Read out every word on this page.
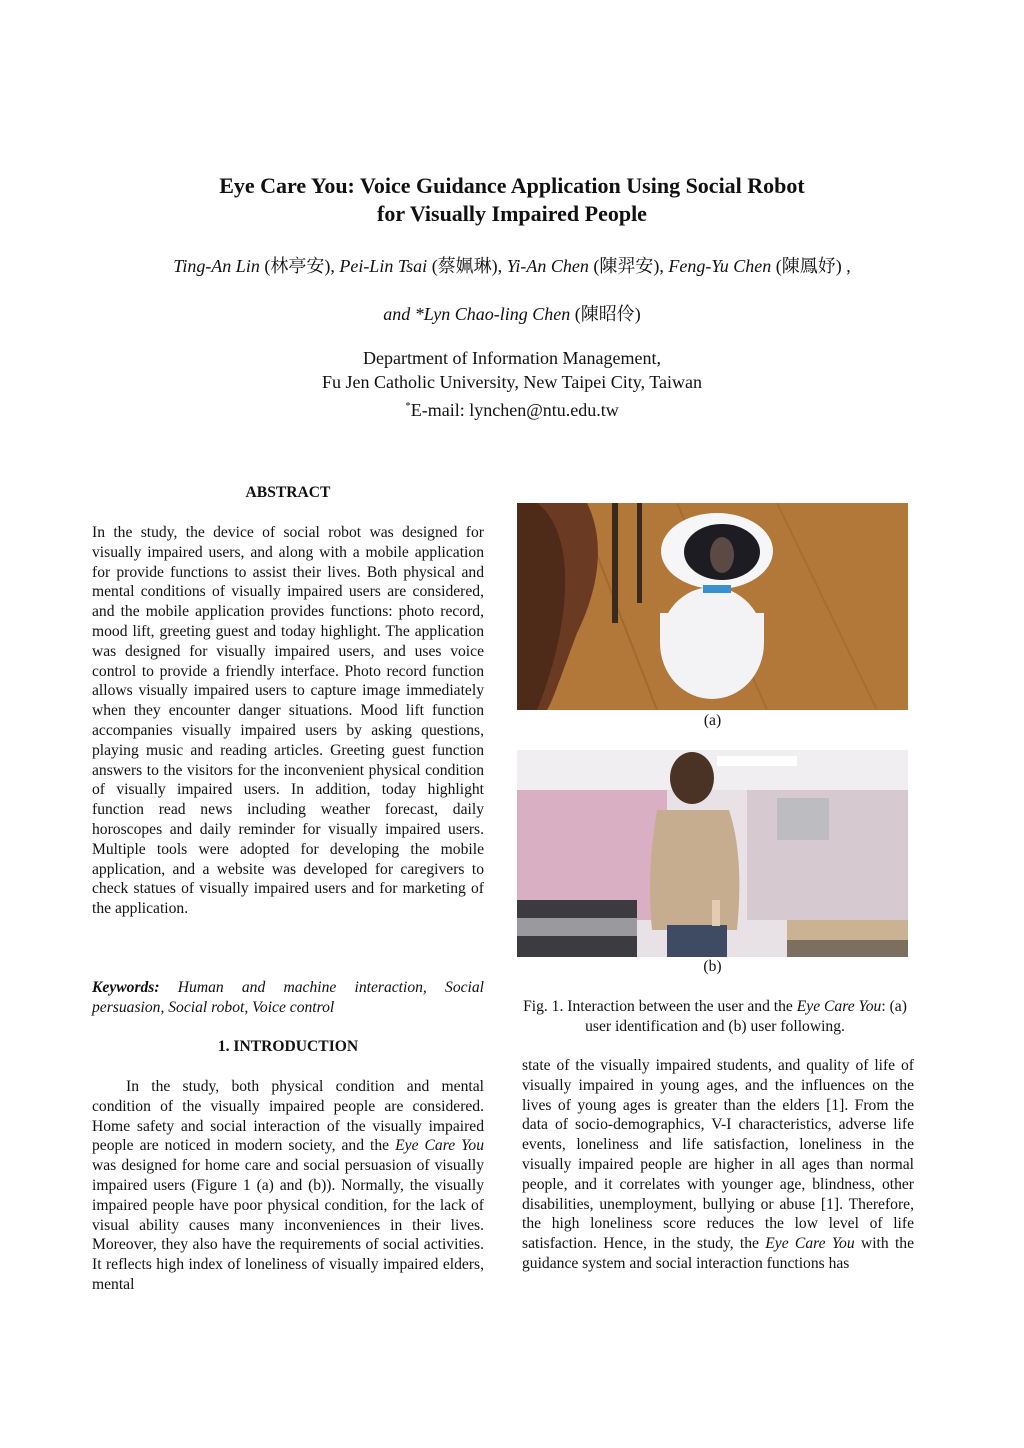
Eye Care You: Voice Guidance Application Using Social Robot
for Visually Impaired People
Ting-An Lin (林亭安), Pei-Lin Tsai (蔡姵琳), Yi-An Chen (陳羿安), Feng-Yu Chen (陳鳳妤) ,
and *Lyn Chao-ling Chen (陳昭伶)
Department of Information Management,
Fu Jen Catholic University, New Taipei City, Taiwan
*E-mail: lynchen@ntu.edu.tw
ABSTRACT
In the study, the device of social robot was designed for visually impaired users, and along with a mobile application for provide functions to assist their lives. Both physical and mental conditions of visually impaired users are considered, and the mobile application provides functions: photo record, mood lift, greeting guest and today highlight. The application was designed for visually impaired users, and uses voice control to provide a friendly interface. Photo record function allows visually impaired users to capture image immediately when they encounter danger situations. Mood lift function accompanies visually impaired users by asking questions, playing music and reading articles. Greeting guest function answers to the visitors for the inconvenient physical condition of visually impaired users. In addition, today highlight function read news including weather forecast, daily horoscopes and daily reminder for visually impaired users. Multiple tools were adopted for developing the mobile application, and a website was developed for caregivers to check statues of visually impaired users and for marketing of the application.
Keywords: Human and machine interaction, Social persuasion, Social robot, Voice control
1. INTRODUCTION
In the study, both physical condition and mental condition of the visually impaired people are considered. Home safety and social interaction of the visually impaired people are noticed in modern society, and the Eye Care You was designed for home care and social persuasion of visually impaired users (Figure 1 (a) and (b)). Normally, the visually impaired people have poor physical condition, for the lack of visual ability causes many inconveniences in their lives. Moreover, they also have the requirements of social activities. It reflects high index of loneliness of visually impaired elders, mental
(a)
(b)
Fig. 1. Interaction between the user and the Eye Care You: (a) user identification and (b) user following.
state of the visually impaired students, and quality of life of visually impaired in young ages, and the influences on the lives of young ages is greater than the elders [1]. From the data of socio-demographics, V-I characteristics, adverse life events, loneliness and life satisfaction, loneliness in the visually impaired people are higher in all ages than normal people, and it correlates with younger age, blindness, other disabilities, unemployment, bullying or abuse [1]. Therefore, the high loneliness score reduces the low level of life satisfaction. Hence, in the study, the Eye Care You with the guidance system and social interaction functions has
